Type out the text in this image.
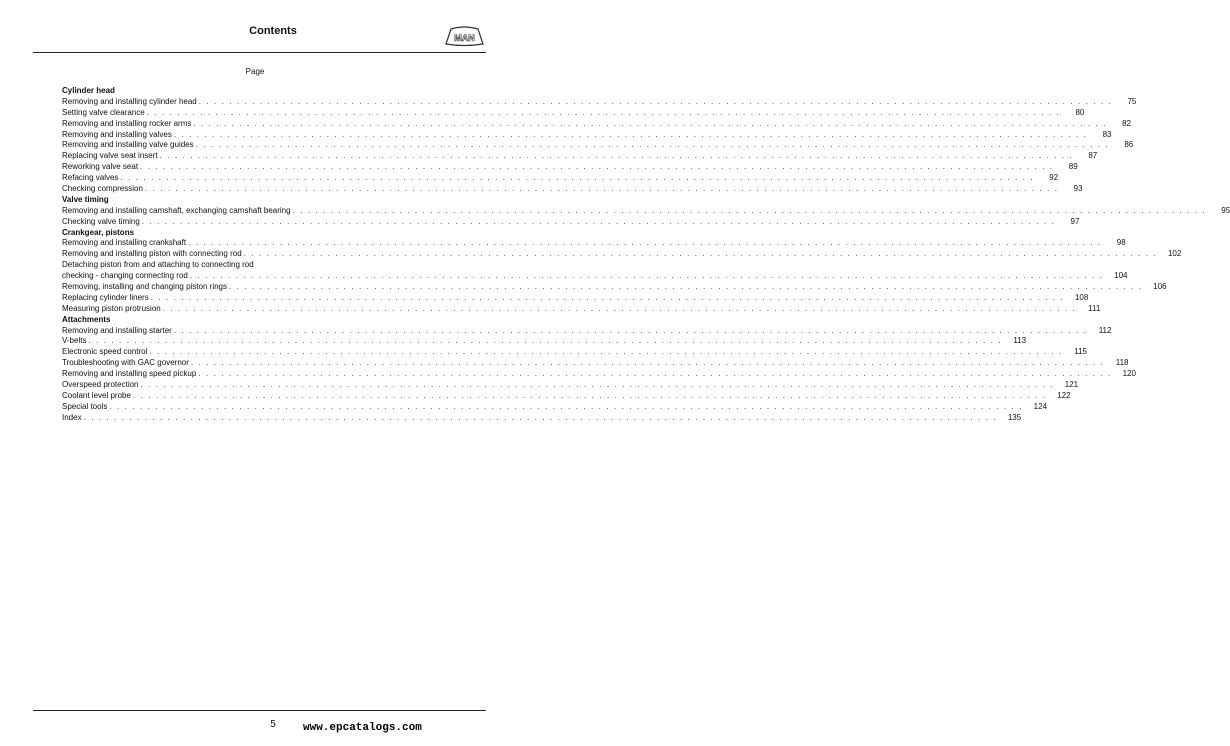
Contents
MAN
Page
Cylinder head
Removing and installing cylinder head . . . . . . . . . . . . . . . . . . . . . . . . . . . . . . . . . . . . . . . . . . . . . . . . . . . . . . . . . . . . . . . . . . . . . . . . . . . . . . . . . . . . . . . . . . . . . . . . . . . . . . . . . . . . . . . . . . . . . . . .	75
Setting valve clearance . . . . . . . . . . . . . . . . . . . . . . . . . . . . . . . . . . . . . . . . . . . . . . . . . . . . . . . . . . . . . . . . . . . . . . . . . . . . . . . . . . . . . . . . . . . . . . . . . . . . . . . . . . . . . . . . . . . . . . . .	80
Removing and installing rocker arms . . . . . . . . . . . . . . . . . . . . . . . . . . . . . . . . . . . . . . . . . . . . . . . . . . . . . . . . . . . . . . . . . . . . . . . . . . . . . . . . . . . . . . . . . . . . . . . . . . . . . . . . . . . . . . . . . . . . . . . .	82
Removing and installing valves . . . . . . . . . . . . . . . . . . . . . . . . . . . . . . . . . . . . . . . . . . . . . . . . . . . . . . . . . . . . . . . . . . . . . . . . . . . . . . . . . . . . . . . . . . . . . . . . . . . . . . . . . . . . . . . . . . . . . . . .	83
Removing and installing valve guides . . . . . . . . . . . . . . . . . . . . . . . . . . . . . . . . . . . . . . . . . . . . . . . . . . . . . . . . . . . . . . . . . . . . . . . . . . . . . . . . . . . . . . . . . . . . . . . . . . . . . . . . . . . . . . . . . . . . . . . .	86
Replacing valve seat insert . . . . . . . . . . . . . . . . . . . . . . . . . . . . . . . . . . . . . . . . . . . . . . . . . . . . . . . . . . . . . . . . . . . . . . . . . . . . . . . . . . . . . . . . . . . . . . . . . . . . . . . . . . . . . . . . . . . . . . . .	87
Reworking valve seat . . . . . . . . . . . . . . . . . . . . . . . . . . . . . . . . . . . . . . . . . . . . . . . . . . . . . . . . . . . . . . . . . . . . . . . . . . . . . . . . . . . . . . . . . . . . . . . . . . . . . . . . . . . . . . . . . . . . . . . .	89
Refacing valves . . . . . . . . . . . . . . . . . . . . . . . . . . . . . . . . . . . . . . . . . . . . . . . . . . . . . . . . . . . . . . . . . . . . . . . . . . . . . . . . . . . . . . . . . . . . . . . . . . . . . . . . . . . . . . . . . . . . . . . .	92
Checking compression . . . . . . . . . . . . . . . . . . . . . . . . . . . . . . . . . . . . . . . . . . . . . . . . . . . . . . . . . . . . . . . . . . . . . . . . . . . . . . . . . . . . . . . . . . . . . . . . . . . . . . . . . . . . . . . . . . . . . . . .	93
Valve timing
Removing and installing camshaft, exchanging camshaft bearing . . . . . . . . . . . . . . . . . . . . . . . . . . . . . . . . . . . . . . . . . . . . . . . . . . . . . . . . . . . . . . . . . . . . . . . . . . . . . . . . . . . . . . . . . . . . . . . . . . . . . . . . . . . . . . . . . . . . . . . .	95
Checking valve timing . . . . . . . . . . . . . . . . . . . . . . . . . . . . . . . . . . . . . . . . . . . . . . . . . . . . . . . . . . . . . . . . . . . . . . . . . . . . . . . . . . . . . . . . . . . . . . . . . . . . . . . . . . . . . . . . . . . . . . . .	97
Crankgear, pistons
Removing and installing crankshaft . . . . . . . . . . . . . . . . . . . . . . . . . . . . . . . . . . . . . . . . . . . . . . . . . . . . . . . . . . . . . . . . . . . . . . . . . . . . . . . . . . . . . . . . . . . . . . . . . . . . . . . . . . . . . . . . . . . . . . . .	98
Removing and installing piston with connecting rod . . . . . . . . . . . . . . . . . . . . . . . . . . . . . . . . . . . . . . . . . . . . . . . . . . . . . . . . . . . . . . . . . . . . . . . . . . . . . . . . . . . . . . . . . . . . . . . . . . . . . . . . . . . . . . . . . . . . . . . .	102
Detaching piston from and attaching to connecting rod
checking - changing connecting rod . . . . . . . . . . . . . . . . . . . . . . . . . . . . . . . . . . . . . . . . . . . . . . . . . . . . . . . . . . . . . . . . . . . . . . . . . . . . . . . . . . . . . . . . . . . . . . . . . . . . . . . . . . . . . . . . . . . . . . . .	104
Removing, installing and changing piston rings . . . . . . . . . . . . . . . . . . . . . . . . . . . . . . . . . . . . . . . . . . . . . . . . . . . . . . . . . . . . . . . . . . . . . . . . . . . . . . . . . . . . . . . . . . . . . . . . . . . . . . . . . . . . . . . . . . . . . . . .	106
Replacing cylinder liners . . . . . . . . . . . . . . . . . . . . . . . . . . . . . . . . . . . . . . . . . . . . . . . . . . . . . . . . . . . . . . . . . . . . . . . . . . . . . . . . . . . . . . . . . . . . . . . . . . . . . . . . . . . . . . . . . . . . . . . .	108
Measuring piston protrusion . . . . . . . . . . . . . . . . . . . . . . . . . . . . . . . . . . . . . . . . . . . . . . . . . . . . . . . . . . . . . . . . . . . . . . . . . . . . . . . . . . . . . . . . . . . . . . . . . . . . . . . . . . . . . . . . . . . . . . . .	111
Attachments
Removing and installing starter . . . . . . . . . . . . . . . . . . . . . . . . . . . . . . . . . . . . . . . . . . . . . . . . . . . . . . . . . . . . . . . . . . . . . . . . . . . . . . . . . . . . . . . . . . . . . . . . . . . . . . . . . . . . . . . . . . . . . . . .	112
V-belts . . . . . . . . . . . . . . . . . . . . . . . . . . . . . . . . . . . . . . . . . . . . . . . . . . . . . . . . . . . . . . . . . . . . . . . . . . . . . . . . . . . . . . . . . . . . . . . . . . . . . . . . . . . . . . . . . . . . . . . .	113
Electronic speed control . . . . . . . . . . . . . . . . . . . . . . . . . . . . . . . . . . . . . . . . . . . . . . . . . . . . . . . . . . . . . . . . . . . . . . . . . . . . . . . . . . . . . . . . . . . . . . . . . . . . . . . . . . . . . . . . . . . . . . . .	115
Troubleshooting with GAC governor . . . . . . . . . . . . . . . . . . . . . . . . . . . . . . . . . . . . . . . . . . . . . . . . . . . . . . . . . . . . . . . . . . . . . . . . . . . . . . . . . . . . . . . . . . . . . . . . . . . . . . . . . . . . . . . . . . . . . . . .	118
Removing and installing speed pickup . . . . . . . . . . . . . . . . . . . . . . . . . . . . . . . . . . . . . . . . . . . . . . . . . . . . . . . . . . . . . . . . . . . . . . . . . . . . . . . . . . . . . . . . . . . . . . . . . . . . . . . . . . . . . . . . . . . . . . . .	120
Overspeed protection . . . . . . . . . . . . . . . . . . . . . . . . . . . . . . . . . . . . . . . . . . . . . . . . . . . . . . . . . . . . . . . . . . . . . . . . . . . . . . . . . . . . . . . . . . . . . . . . . . . . . . . . . . . . . . . . . . . . . . . .	121
Coolant level probe . . . . . . . . . . . . . . . . . . . . . . . . . . . . . . . . . . . . . . . . . . . . . . . . . . . . . . . . . . . . . . . . . . . . . . . . . . . . . . . . . . . . . . . . . . . . . . . . . . . . . . . . . . . . . . . . . . . . . . . .	122
Special tools . . . . . . . . . . . . . . . . . . . . . . . . . . . . . . . . . . . . . . . . . . . . . . . . . . . . . . . . . . . . . . . . . . . . . . . . . . . . . . . . . . . . . . . . . . . . . . . . . . . . . . . . . . . . . . . . . . . . . . . .	124
Index . . . . . . . . . . . . . . . . . . . . . . . . . . . . . . . . . . . . . . . . . . . . . . . . . . . . . . . . . . . . . . . . . . . . . . . . . . . . . . . . . . . . . . . . . . . . . . . . . . . . . . . . . . . . . . . . . . . . . . . .	135
5	www.epcatalogs.com
